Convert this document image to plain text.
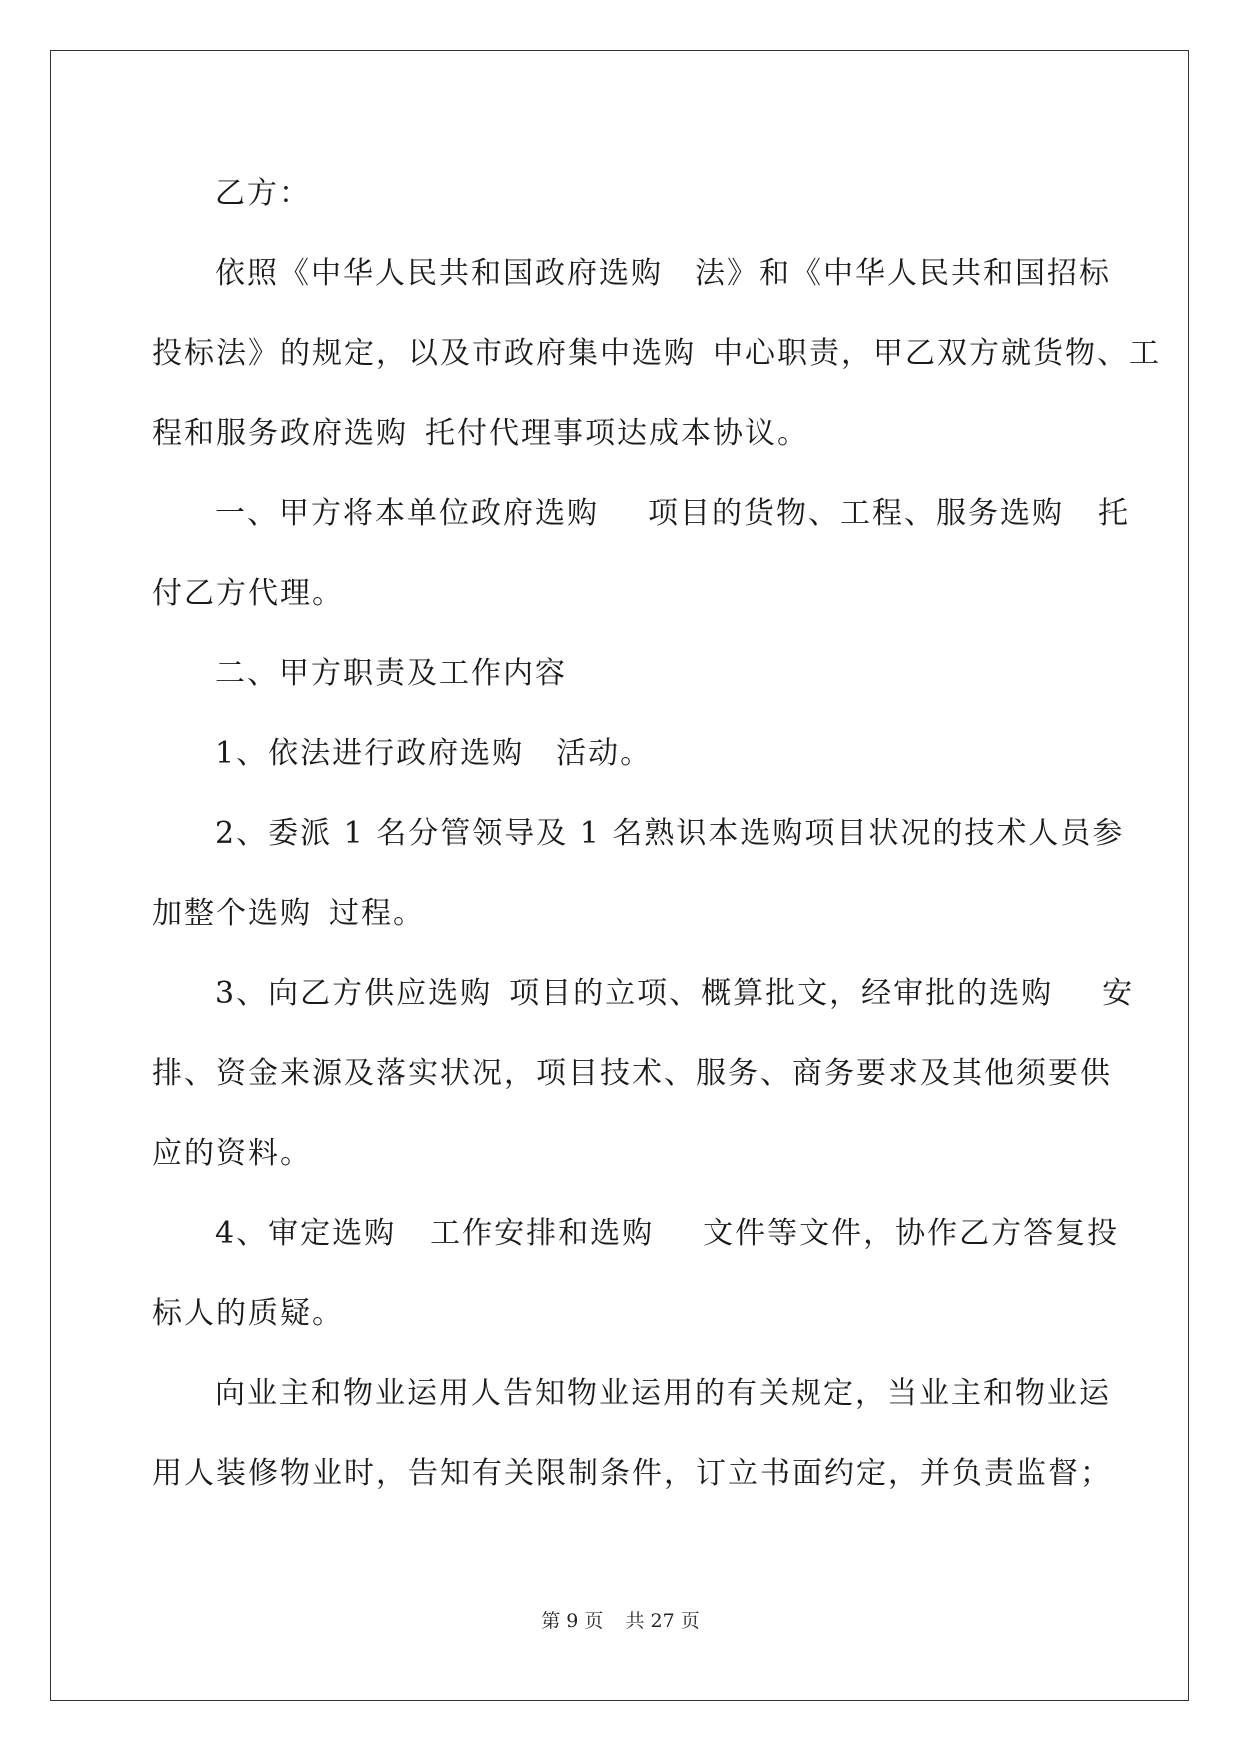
乙方：
依照《中华人民共和国政府选购　法》和《中华人民共和国招标
投标法》的规定，以及市政府集中选购 中心职责，甲乙双方就货物、工
程和服务政府选购 托付代理事项达成本协议。
一、甲方将本单位政府选购　 项目的货物、工程、服务选购  托
付乙方代理。
二、甲方职责及工作内容
1、依法进行政府选购　活动。
2、委派 1 名分管领导及 1 名熟识本选购项目状况的技术人员参
加整个选购 过程。
3、向乙方供应选购 项目的立项、概算批文，经审批的选购　 安
排、资金来源及落实状况，项目技术、服务、商务要求及其他须要供
应的资料。
4、审定选购  工作安排和选购　 文件等文件，协作乙方答复投
标人的质疑。
向业主和物业运用人告知物业运用的有关规定，当业主和物业运
用人装修物业时，告知有关限制条件，订立书面约定，并负责监督；
第 9 页 共 27 页
